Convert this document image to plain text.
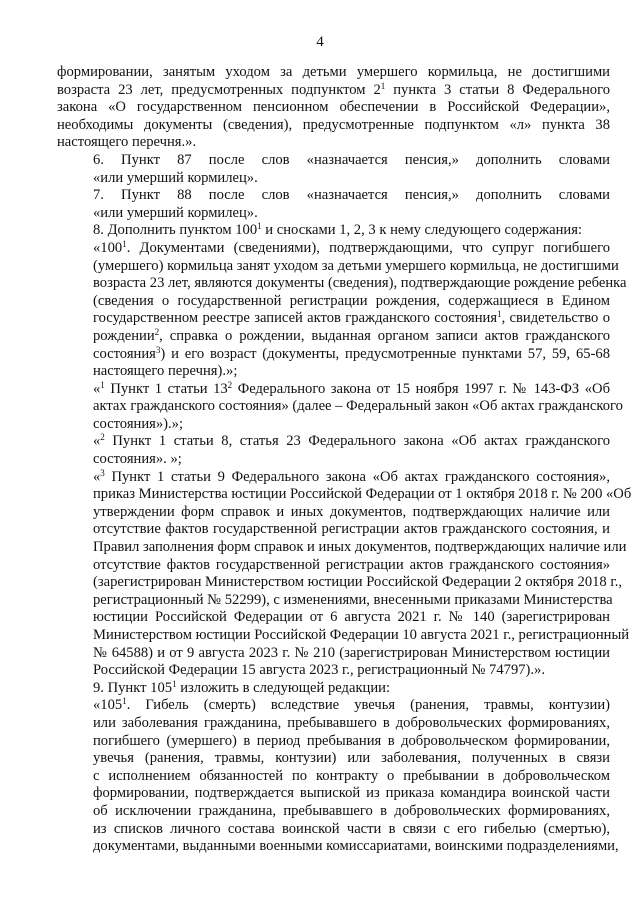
4

формировании, занятым уходом за детьми умершего кормильца, не достигшими
возраста 23 лет, предусмотренных подпунктом $2^1$ пункта 3 статьи 8 Федерального
закона «О государственном пенсионном обеспечении в Российской Федерации»,
необходимы документы (сведения), предусмотренные подпунктом «л» пункта 38
настоящего перечня.».

6. Пункт 87 после слов «назначается пенсия,» дополнить словами
«или умерший кормилец».

7. Пункт 88 после слов «назначается пенсия,» дополнить словами
«или умерший кормилец».

8. Дополнить пунктом $100^1$ и сносками 1, 2, 3 к нему следующего содержания:

«$100^1$. Документами (сведениями), подтверждающими, что супруг погибшего
(умершего) кормильца занят уходом за детьми умершего кормильца, не достигшими
возраста 23 лет, являются документы (сведения), подтверждающие рождение ребенка
(сведения о государственной регистрации рождения, содержащиеся в Едином
государственном реестре записей актов гражданского состояния$^1$, свидетельство о
рождении$^2$, справка о рождении, выданная органом записи актов гражданского
состояния$^3$) и его возраст (документы, предусмотренные пунктами 57, 59, 65-68
настоящего перечня).»;

«$^1$ Пункт 1 статьи $13^2$ Федерального закона от 15 ноября 1997 г. № 143-ФЗ «Об
актах гражданского состояния» (далее – Федеральный закон «Об актах гражданского
состояния»).»;

«$^2$ Пункт 1 статьи 8, статья 23 Федерального закона «Об актах гражданского
состояния». »;

«$^3$ Пункт 1 статьи 9 Федерального закона «Об актах гражданского состояния»,
приказ Министерства юстиции Российской Федерации от 1 октября 2018 г. № 200 «Об
утверждении форм справок и иных документов, подтверждающих наличие или
отсутствие фактов государственной регистрации актов гражданского состояния, и
Правил заполнения форм справок и иных документов, подтверждающих наличие или
отсутствие фактов государственной регистрации актов гражданского состояния»
(зарегистрирован Министерством юстиции Российской Федерации 2 октября 2018 г.,
регистрационный № 52299), с изменениями, внесенными приказами Министерства
юстиции Российской Федерации от 6 августа 2021 г. № 140 (зарегистрирован
Министерством юстиции Российской Федерации 10 августа 2021 г., регистрационный
№ 64588) и от 9 августа 2023 г. № 210 (зарегистрирован Министерством юстиции
Российской Федерации 15 августа 2023 г., регистрационный № 74797).».

9. Пункт $105^1$ изложить в следующей редакции:

«$105^1$. Гибель (смерть) вследствие увечья (ранения, травмы, контузии)
или заболевания гражданина, пребывавшего в добровольческих формированиях,
погибшего (умершего) в период пребывания в добровольческом формировании,
увечья (ранения, травмы, контузии) или заболевания, полученных в связи
с исполнением обязанностей по контракту о пребывании в добровольческом
формировании, подтверждается выпиской из приказа командира воинской части
об исключении гражданина, пребывавшего в добровольческих формированиях,
из списков личного состава воинской части в связи с его гибелью (смертью),
документами, выданными военными комиссариатами, воинскими подразделениями,
